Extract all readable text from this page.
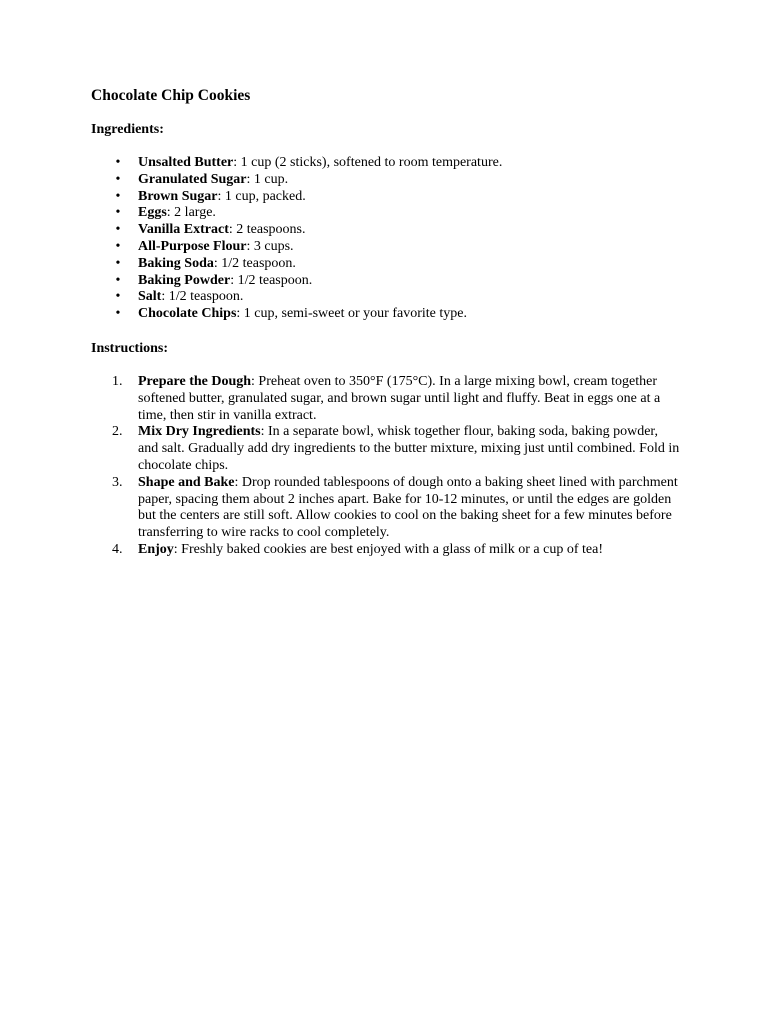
Chocolate Chip Cookies

Ingredients:

• Unsalted Butter: 1 cup (2 sticks), softened to room temperature.
• Granulated Sugar: 1 cup.
• Brown Sugar: 1 cup, packed.
• Eggs: 2 large.
• Vanilla Extract: 2 teaspoons.
• All-Purpose Flour: 3 cups.
• Baking Soda: 1/2 teaspoon.
• Baking Powder: 1/2 teaspoon.
• Salt: 1/2 teaspoon.
• Chocolate Chips: 1 cup, semi-sweet or your favorite type.

Instructions:

1. Prepare the Dough: Preheat oven to 350°F (175°C). In a large mixing bowl, cream together softened butter, granulated sugar, and brown sugar until light and fluffy. Beat in eggs one at a time, then stir in vanilla extract.
2. Mix Dry Ingredients: In a separate bowl, whisk together flour, baking soda, baking powder, and salt. Gradually add dry ingredients to the butter mixture, mixing just until combined. Fold in chocolate chips.
3. Shape and Bake: Drop rounded tablespoons of dough onto a baking sheet lined with parchment paper, spacing them about 2 inches apart. Bake for 10-12 minutes, or until the edges are golden but the centers are still soft. Allow cookies to cool on the baking sheet for a few minutes before transferring to wire racks to cool completely.
4. Enjoy: Freshly baked cookies are best enjoyed with a glass of milk or a cup of tea!
